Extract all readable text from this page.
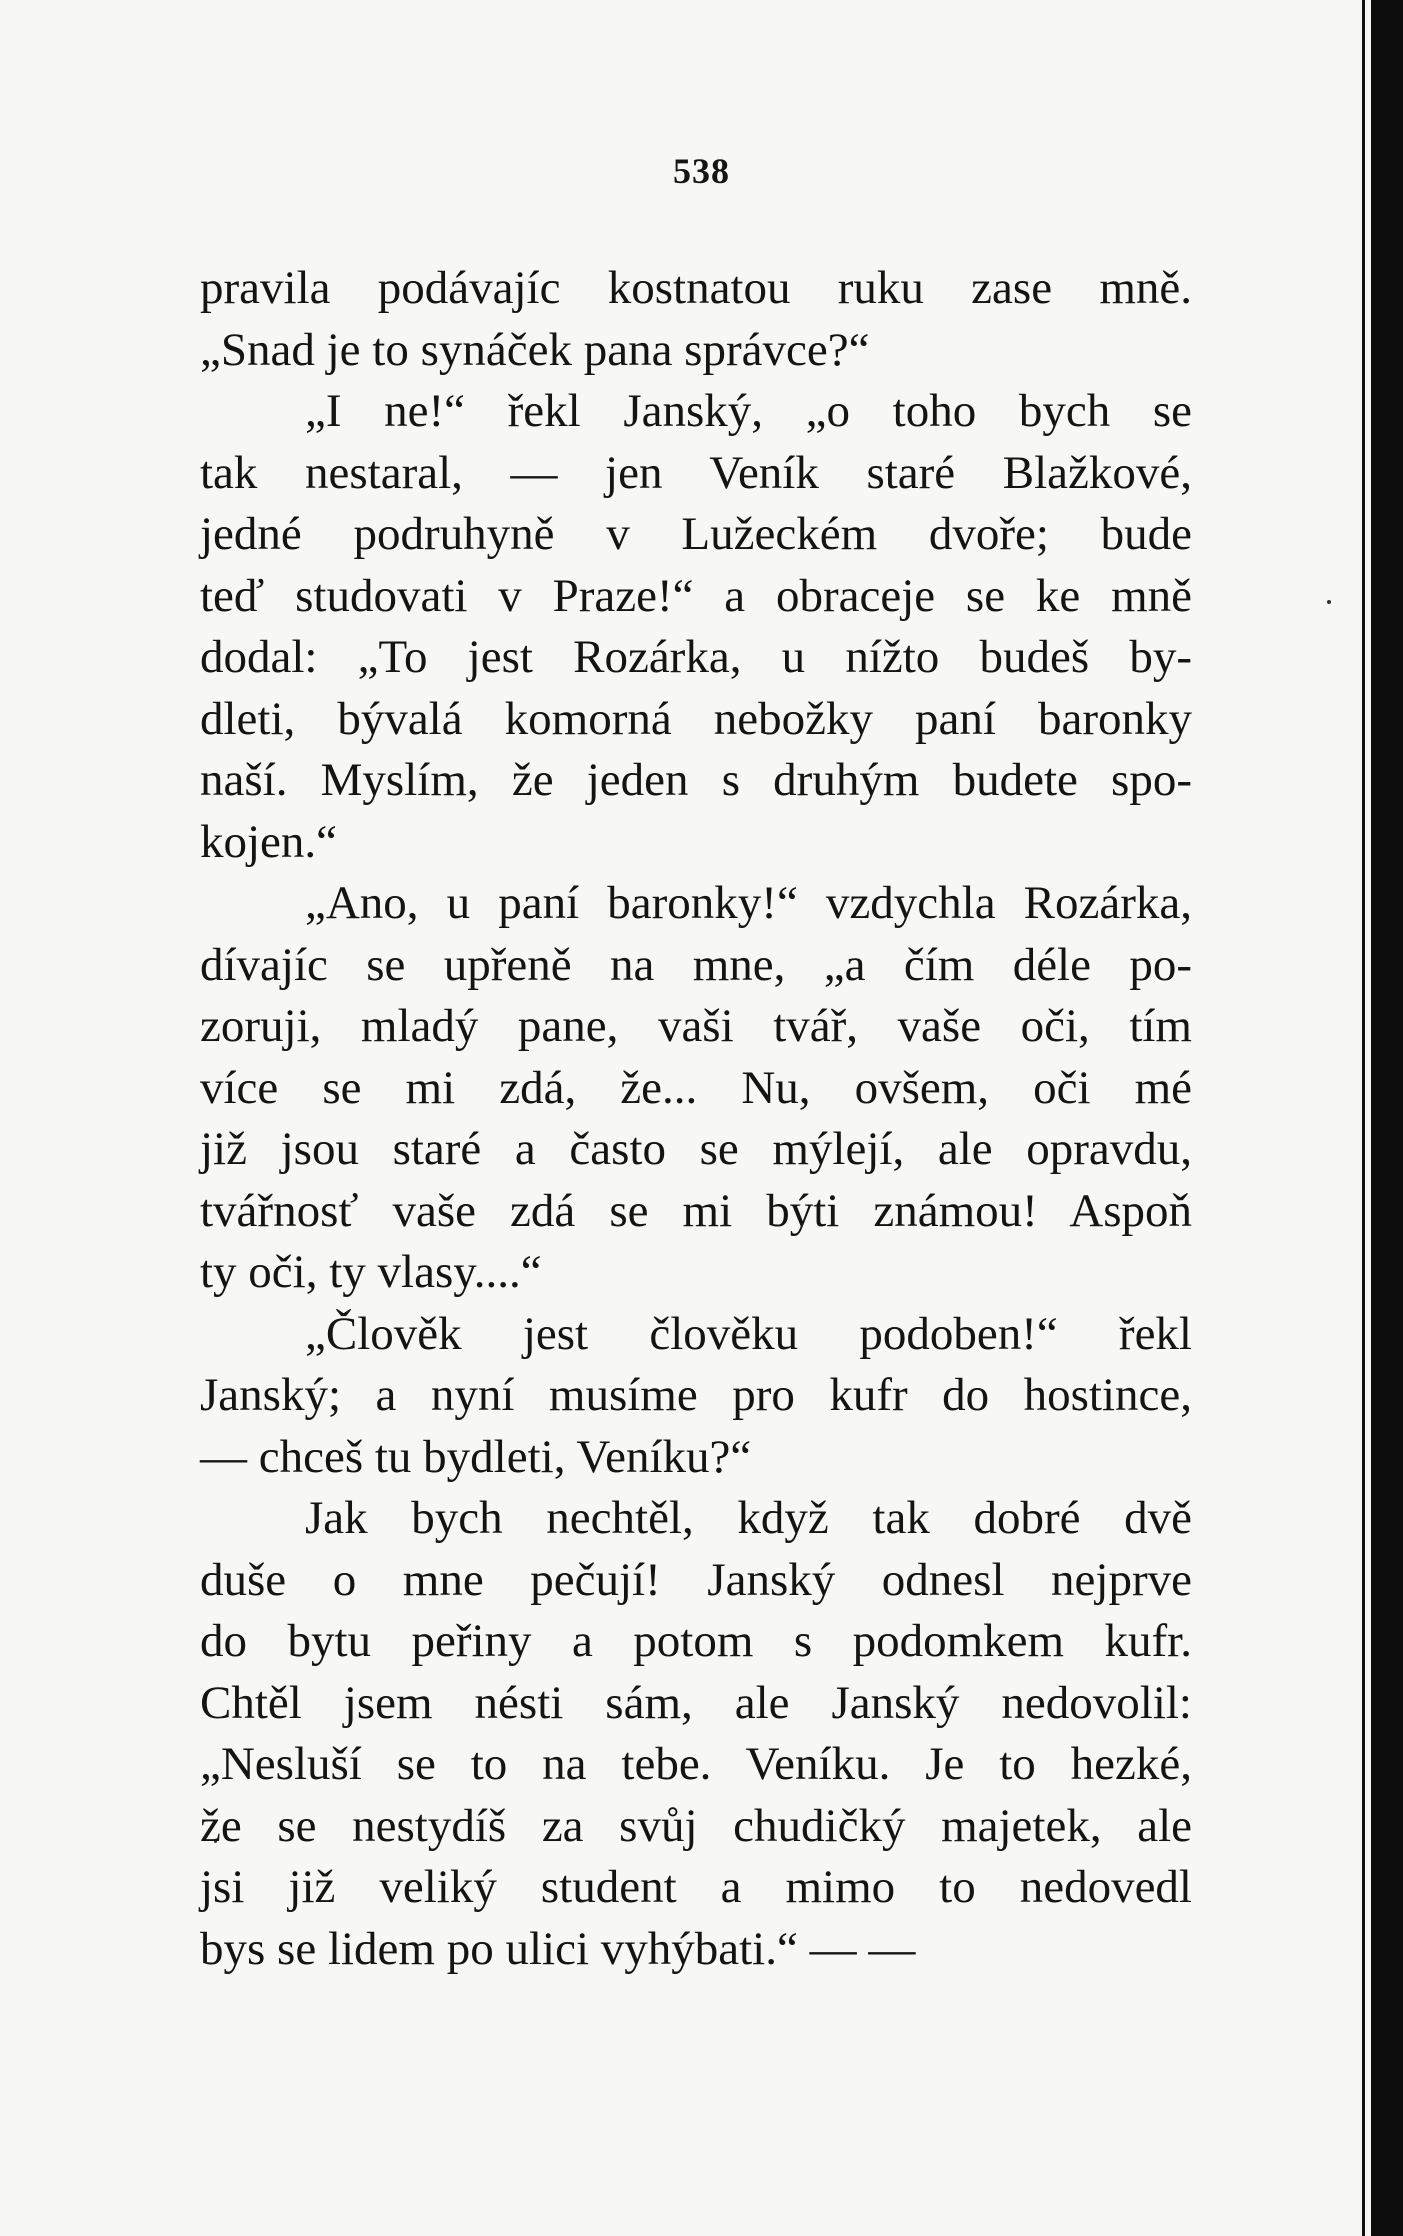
538
pravila podávajíc kostnatou ruku zase mně.
„Snad je to synáček pana správce?“
„I ne!“ řekl Janský, „o toho bych se
tak nestaral, — jen Veník staré Blažkové,
jedné podruhyně v Lužeckém dvoře; bude
teď studovati v Praze!“ a obraceje se ke mně
dodal: „To jest Rozárka, u nížto budeš by-
dleti, bývalá komorná nebožky paní baronky
naší. Myslím, že jeden s druhým budete spo-
kojen.“
„Ano, u paní baronky!“ vzdychla Rozárka,
dívajíc se upřeně na mne, „a čím déle po-
zoruji, mladý pane, vaši tvář, vaše oči, tím
více se mi zdá, že... Nu, ovšem, oči mé
již jsou staré a často se mýlejí, ale opravdu,
tvářnosť vaše zdá se mi býti známou! Aspoň
ty oči, ty vlasy....“
„Člověk jest člověku podoben!“ řekl
Janský; a nyní musíme pro kufr do hostince,
— chceš tu bydleti, Veníku?“
Jak bych nechtěl, když tak dobré dvě
duše o mne pečují! Janský odnesl nejprve
do bytu peřiny a potom s podomkem kufr.
Chtěl jsem nésti sám, ale Janský nedovolil:
„Nesluší se to na tebe. Veníku. Je to hezké,
že se nestydíš za svůj chudičký majetek, ale
jsi již veliký student a mimo to nedovedl
bys se lidem po ulici vyhýbati.“ — —
